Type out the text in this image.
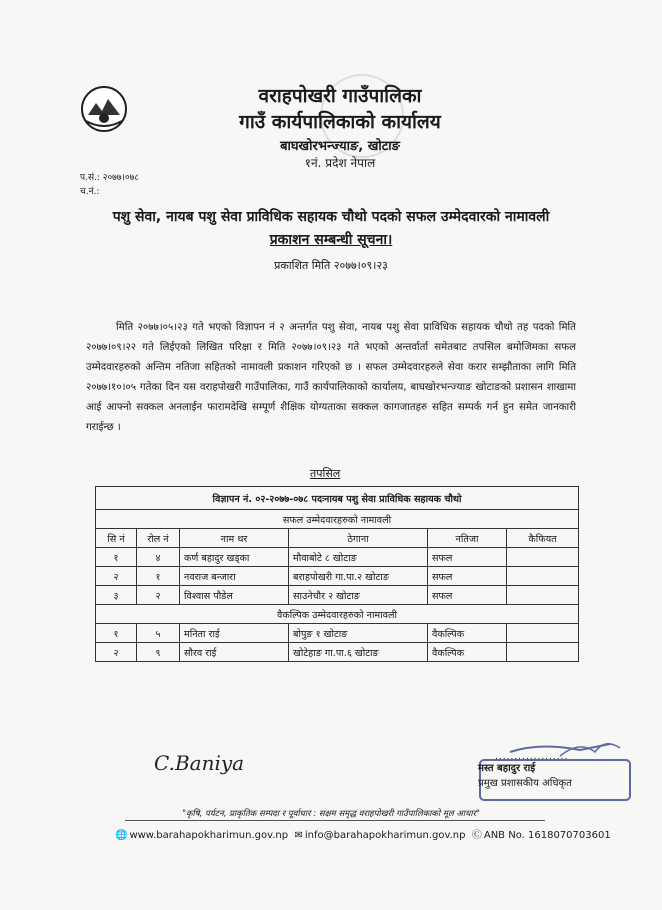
वराहपोखरी गाउँपालिका
गाउँ कार्यपालिकाको कार्यालय
बाघखोरभन्ज्याङ, खोटाङ
१नं. प्रदेश नेपाल
प.सं.: २०७७।०७८
च.नं.:
पशु सेवा, नायब पशु सेवा प्राविधिक सहायक चौथो पदको सफल उम्मेदवारको नामावली
प्रकाशन सम्बन्धी सूचना।
प्रकाशित मिति २०७७।०९।२३
मिति २०७७।०५।२३ गते भएको विज्ञापन नं २ अन्तर्गत पशु सेवा, नायब पशु सेवा प्राविधिक सहायक चौथो तह पदको मिति २०७७।०९।२२ गते लिईएको लिखित परिक्षा र मिति २०७७।०९।२३ गते भएको अन्तर्वार्ता समेतबाट तपसिल बमोजिमका सफल उम्मेदवारहरुको अन्तिम नतिजा सहितको नामावली प्रकाशन गरिएको छ । सफल उम्मेदवारहरुले सेवा करार सम्झौताका लागि मिति २०७७।१०।०५ गतेका दिन यस वराहपोखरी गाउँपालिका, गाउँ कार्यपालिकाको कार्यालय, बाघखोरभन्ज्याङ खोटाङको प्रशासन शाखामा आई आफ्नो सक्कल अनलाईन फारामदेखि सम्पूर्ण शैक्षिक योग्यताका सक्कल कागजातहरु सहित सम्पर्क गर्न हुन समेत जानकारी गराईन्छ ।
तपसिल
विज्ञापन नं. ०२-२०७७-०७८ पदःनायब पशु सेवा प्राविधिक सहायक चौथो					
सफल उम्मेदवारहरुको नामावली					
सि नं	रोल नं	नाम थर	ठेगाना	नतिजा	कैफियत
१	४	कर्ण बहादुर खड्का	मौवाबोटे ८ खोटाङ	सफल	
२	१	नवराज बन्जारा	बराहपोखरी गा.पा.२ खोटाङ	सफल	
३	२	विश्वास पौडेल	साउनेचौर २ खोटाङ	सफल	
वैकल्पिक उम्मेदवारहरुको नामावली					
१	५	मनिता राई	बोपुङ १ खोटाङ	वैकल्पिक	
२	९	सौरव राई	खोटेहाङ गा.पा.६ खोटाङ	वैकल्पिक	
C.Baniya	...................
मस्त बहादुर राई
प्रमुख प्रशासकीय अधिकृत
"कृषि, पर्यटन, प्राकृतिक सम्पदा र पूर्वाधार : सक्षम समृद्ध वराहपोखरी गाउँपालिकाको मूल आधार"
🌐 www.barahapokharimun.gov.np ✉ info@barahapokharimun.gov.np Ⓒ ANB No. 1618070703601
